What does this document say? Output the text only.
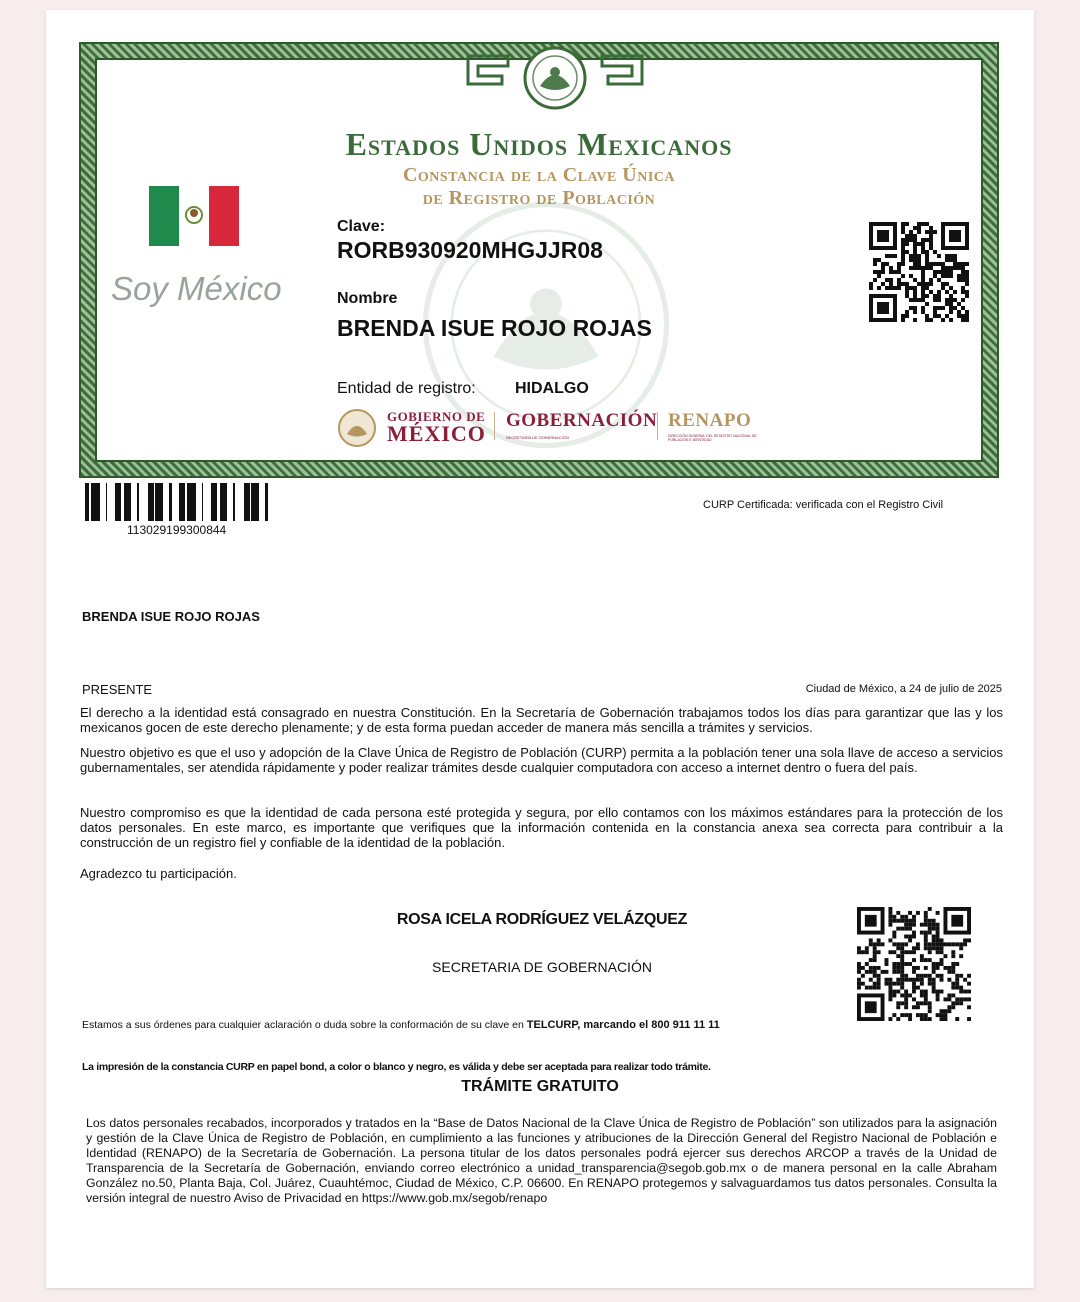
Estados Unidos Mexicanos
Constancia de la Clave Única
de Registro de Población
Soy México
Clave:
RORB930920MHGJJR08
Nombre
BRENDA ISUE ROJO ROJAS
Entidad de registro: HIDALGO
GOBIERNO DE
MÉXICO
GOBERNACIÓN
SECRETARÍA DE GOBERNACIÓN
RENAPO
DIRECCIÓN GENERAL DEL REGISTRO NACIONAL DE POBLACIÓN E IDENTIDAD
113029199300844
CURP Certificada: verificada con el Registro Civil
BRENDA ISUE ROJO ROJAS
PRESENTE	Ciudad de México, a 24 de julio de 2025
El derecho a la identidad está consagrado en nuestra Constitución. En la Secretaría de Gobernación trabajamos todos los días para garantizar que las y los mexicanos gocen de este derecho plenamente; y de esta forma puedan acceder de manera más sencilla a trámites y servicios.
Nuestro objetivo es que el uso y adopción de la Clave Única de Registro de Población (CURP) permita a la población tener una sola llave de acceso a servicios gubernamentales, ser atendida rápidamente y poder realizar trámites desde cualquier computadora con acceso a internet dentro o fuera del país.
Nuestro compromiso es que la identidad de cada persona esté protegida y segura, por ello contamos con los máximos estándares para la protección de los datos personales. En este marco, es importante que verifiques que la información contenida en la constancia anexa sea correcta para contribuir a la construcción de un registro fiel y confiable de la identidad de la población.
Agradezco tu participación.
ROSA ICELA RODRÍGUEZ VELÁZQUEZ
SECRETARIA DE GOBERNACIÓN
Estamos a sus órdenes para cualquier aclaración o duda sobre la conformación de su clave en TELCURP, marcando el 800 911 11 11
La impresión de la constancia CURP en papel bond, a color o blanco y negro, es válida y debe ser aceptada para realizar todo trámite.
TRÁMITE GRATUITO
Los datos personales recabados, incorporados y tratados en la “Base de Datos Nacional de la Clave Única de Registro de Población” son utilizados para la asignación y gestión de la Clave Única de Registro de Población, en cumplimiento a las funciones y atribuciones de la Dirección General del Registro Nacional de Población e Identidad (RENAPO) de la Secretaría de Gobernación. La persona titular de los datos personales podrá ejercer sus derechos ARCOP a través de la Unidad de Transparencia de la Secretaría de Gobernación, enviando correo electrónico a unidad_transparencia@segob.gob.mx o de manera personal en la calle Abraham González no.50, Planta Baja, Col. Juárez, Cuauhtémoc, Ciudad de México, C.P. 06600. En RENAPO protegemos y salvaguardamos tus datos personales. Consulta la versión integral de nuestro Aviso de Privacidad en https://www.gob.mx/segob/renapo
